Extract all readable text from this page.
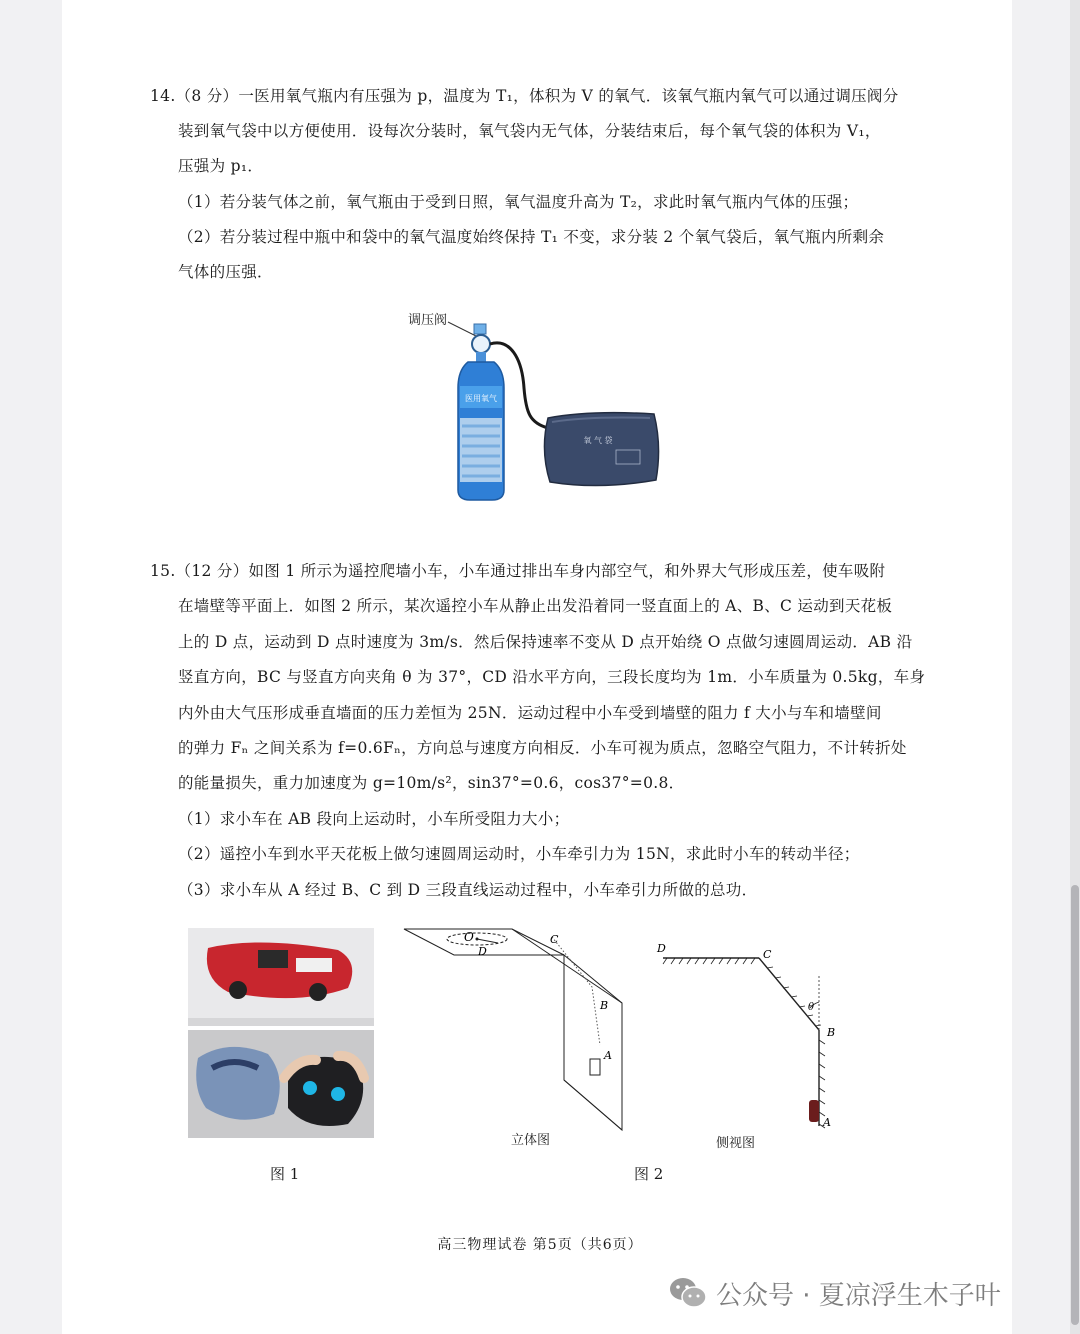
14.（8 分）一医用氧气瓶内有压强为 p，温度为 T₁，体积为 V 的氧气．该氧气瓶内氧气可以通过调压阀分
装到氧气袋中以方便使用．设每次分装时，氧气袋内无气体，分装结束后，每个氧气袋的体积为 V₁，
压强为 p₁．
（1）若分装气体之前，氧气瓶由于受到日照，氧气温度升高为 T₂，求此时氧气瓶内气体的压强；
（2）若分装过程中瓶中和袋中的氧气温度始终保持 T₁ 不变，求分装 2 个氧气袋后，氧气瓶内所剩余
气体的压强．
调压阀
医用氧气
氧 气 袋
15.（12 分）如图 1 所示为遥控爬墙小车，小车通过排出车身内部空气，和外界大气形成压差，使车吸附
在墙壁等平面上．如图 2 所示，某次遥控小车从静止出发沿着同一竖直面上的 A、B、C 运动到天花板
上的 D 点，运动到 D 点时速度为 3m/s．然后保持速率不变从 D 点开始绕 O 点做匀速圆周运动．AB 沿
竖直方向，BC 与竖直方向夹角 θ 为 37°，CD 沿水平方向，三段长度均为 1m．小车质量为 0.5kg，车身
内外由大气压形成垂直墙面的压力差恒为 25N．运动过程中小车受到墙壁的阻力 f 大小与车和墙壁间
的弹力 Fₙ 之间关系为 f=0.6Fₙ，方向总与速度方向相反．小车可视为质点，忽略空气阻力，不计转折处
的能量损失，重力加速度为 g=10m/s²，sin37°=0.6，cos37°=0.8．
（1）求小车在 AB 段向上运动时，小车所受阻力大小；
（2）遥控小车到水平天花板上做匀速圆周运动时，小车牵引力为 15N，求此时小车的转动半径；
（3）求小车从 A 经过 B、C 到 D 三段直线运动过程中，小车牵引力所做的总功．
图 1
O
D
C
B
A
立体图
D	C
θ
B
A
侧视图
图 2
高三物理试卷 第5页（共6页）
公众号 · 夏凉浮生木子叶
